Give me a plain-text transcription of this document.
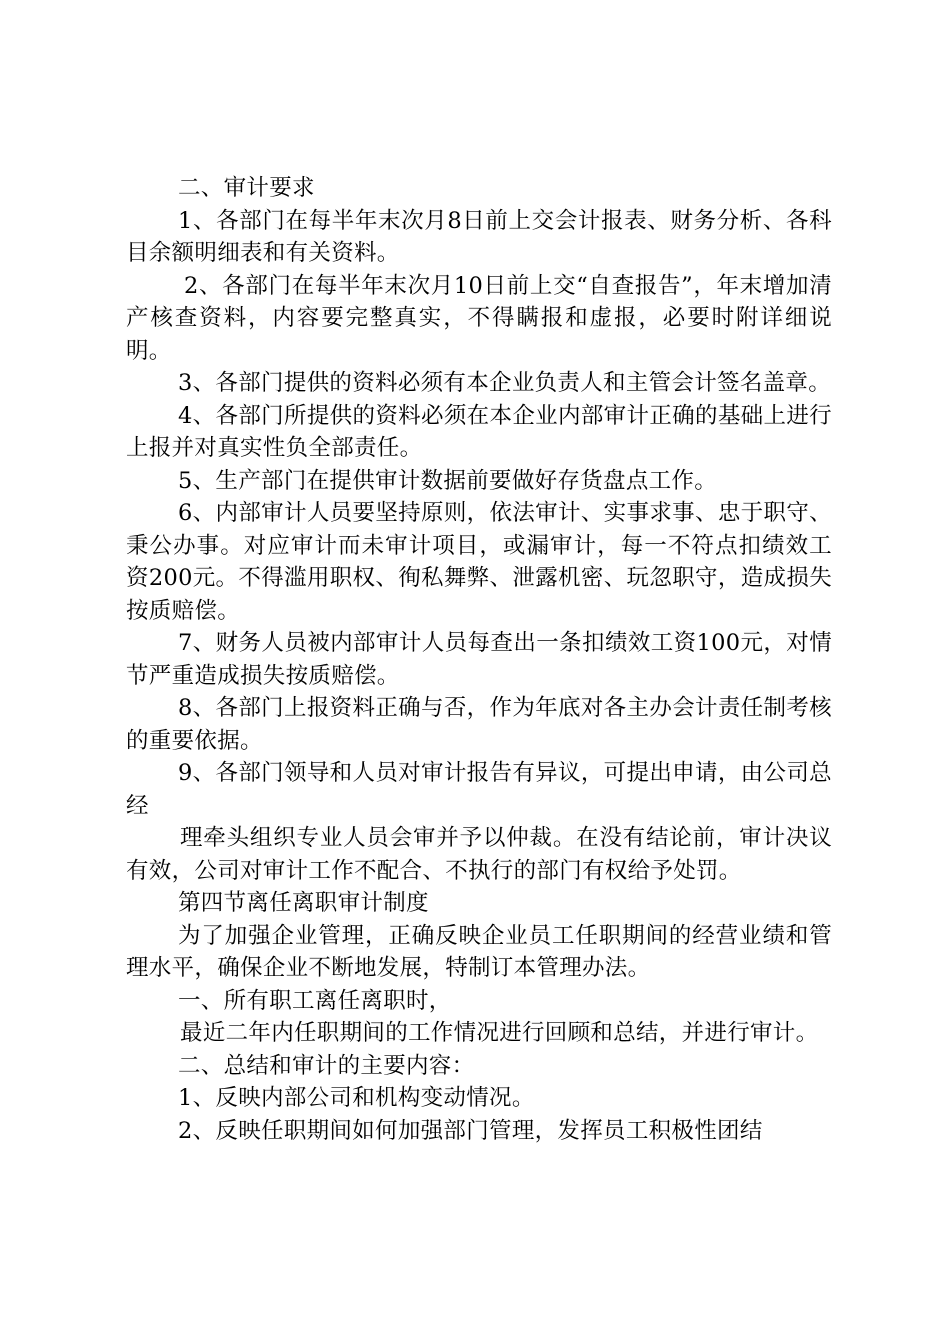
二、审计要求

1、各部门在每半年末次月8日前上交会计报表、财务分析、各科目余额明细表和有关资料。

2、各部门在每半年末次月10日前上交“自查报告”，年末增加清产核查资料，内容要完整真实，不得瞒报和虚报，必要时附详细说明。

3、各部门提供的资料必须有本企业负责人和主管会计签名盖章。

4、各部门所提供的资料必须在本企业内部审计正确的基础上进行上报并对真实性负全部责任。

5、生产部门在提供审计数据前要做好存货盘点工作。

6、内部审计人员要坚持原则，依法审计、实事求事、忠于职守、秉公办事。对应审计而未审计项目，或漏审计，每一不符点扣绩效工资200元。不得滥用职权、徇私舞弊、泄露机密、玩忽职守，造成损失按质赔偿。

7、财务人员被内部审计人员每查出一条扣绩效工资100元，对情节严重造成损失按质赔偿。

8、各部门上报资料正确与否，作为年底对各主办会计责任制考核的重要依据。

9、各部门领导和人员对审计报告有异议，可提出申请，由公司总经

理牵头组织专业人员会审并予以仲裁。在没有结论前，审计决议有效，公司对审计工作不配合、不执行的部门有权给予处罚。

第四节离任离职审计制度

为了加强企业管理，正确反映企业员工任职期间的经营业绩和管理水平，确保企业不断地发展，特制订本管理办法。

一、所有职工离任离职时，

最近二年内任职期间的工作情况进行回顾和总结，并进行审计。

二、总结和审计的主要内容：

1、反映内部公司和机构变动情况。

2、反映任职期间如何加强部门管理，发挥员工积极性团结
